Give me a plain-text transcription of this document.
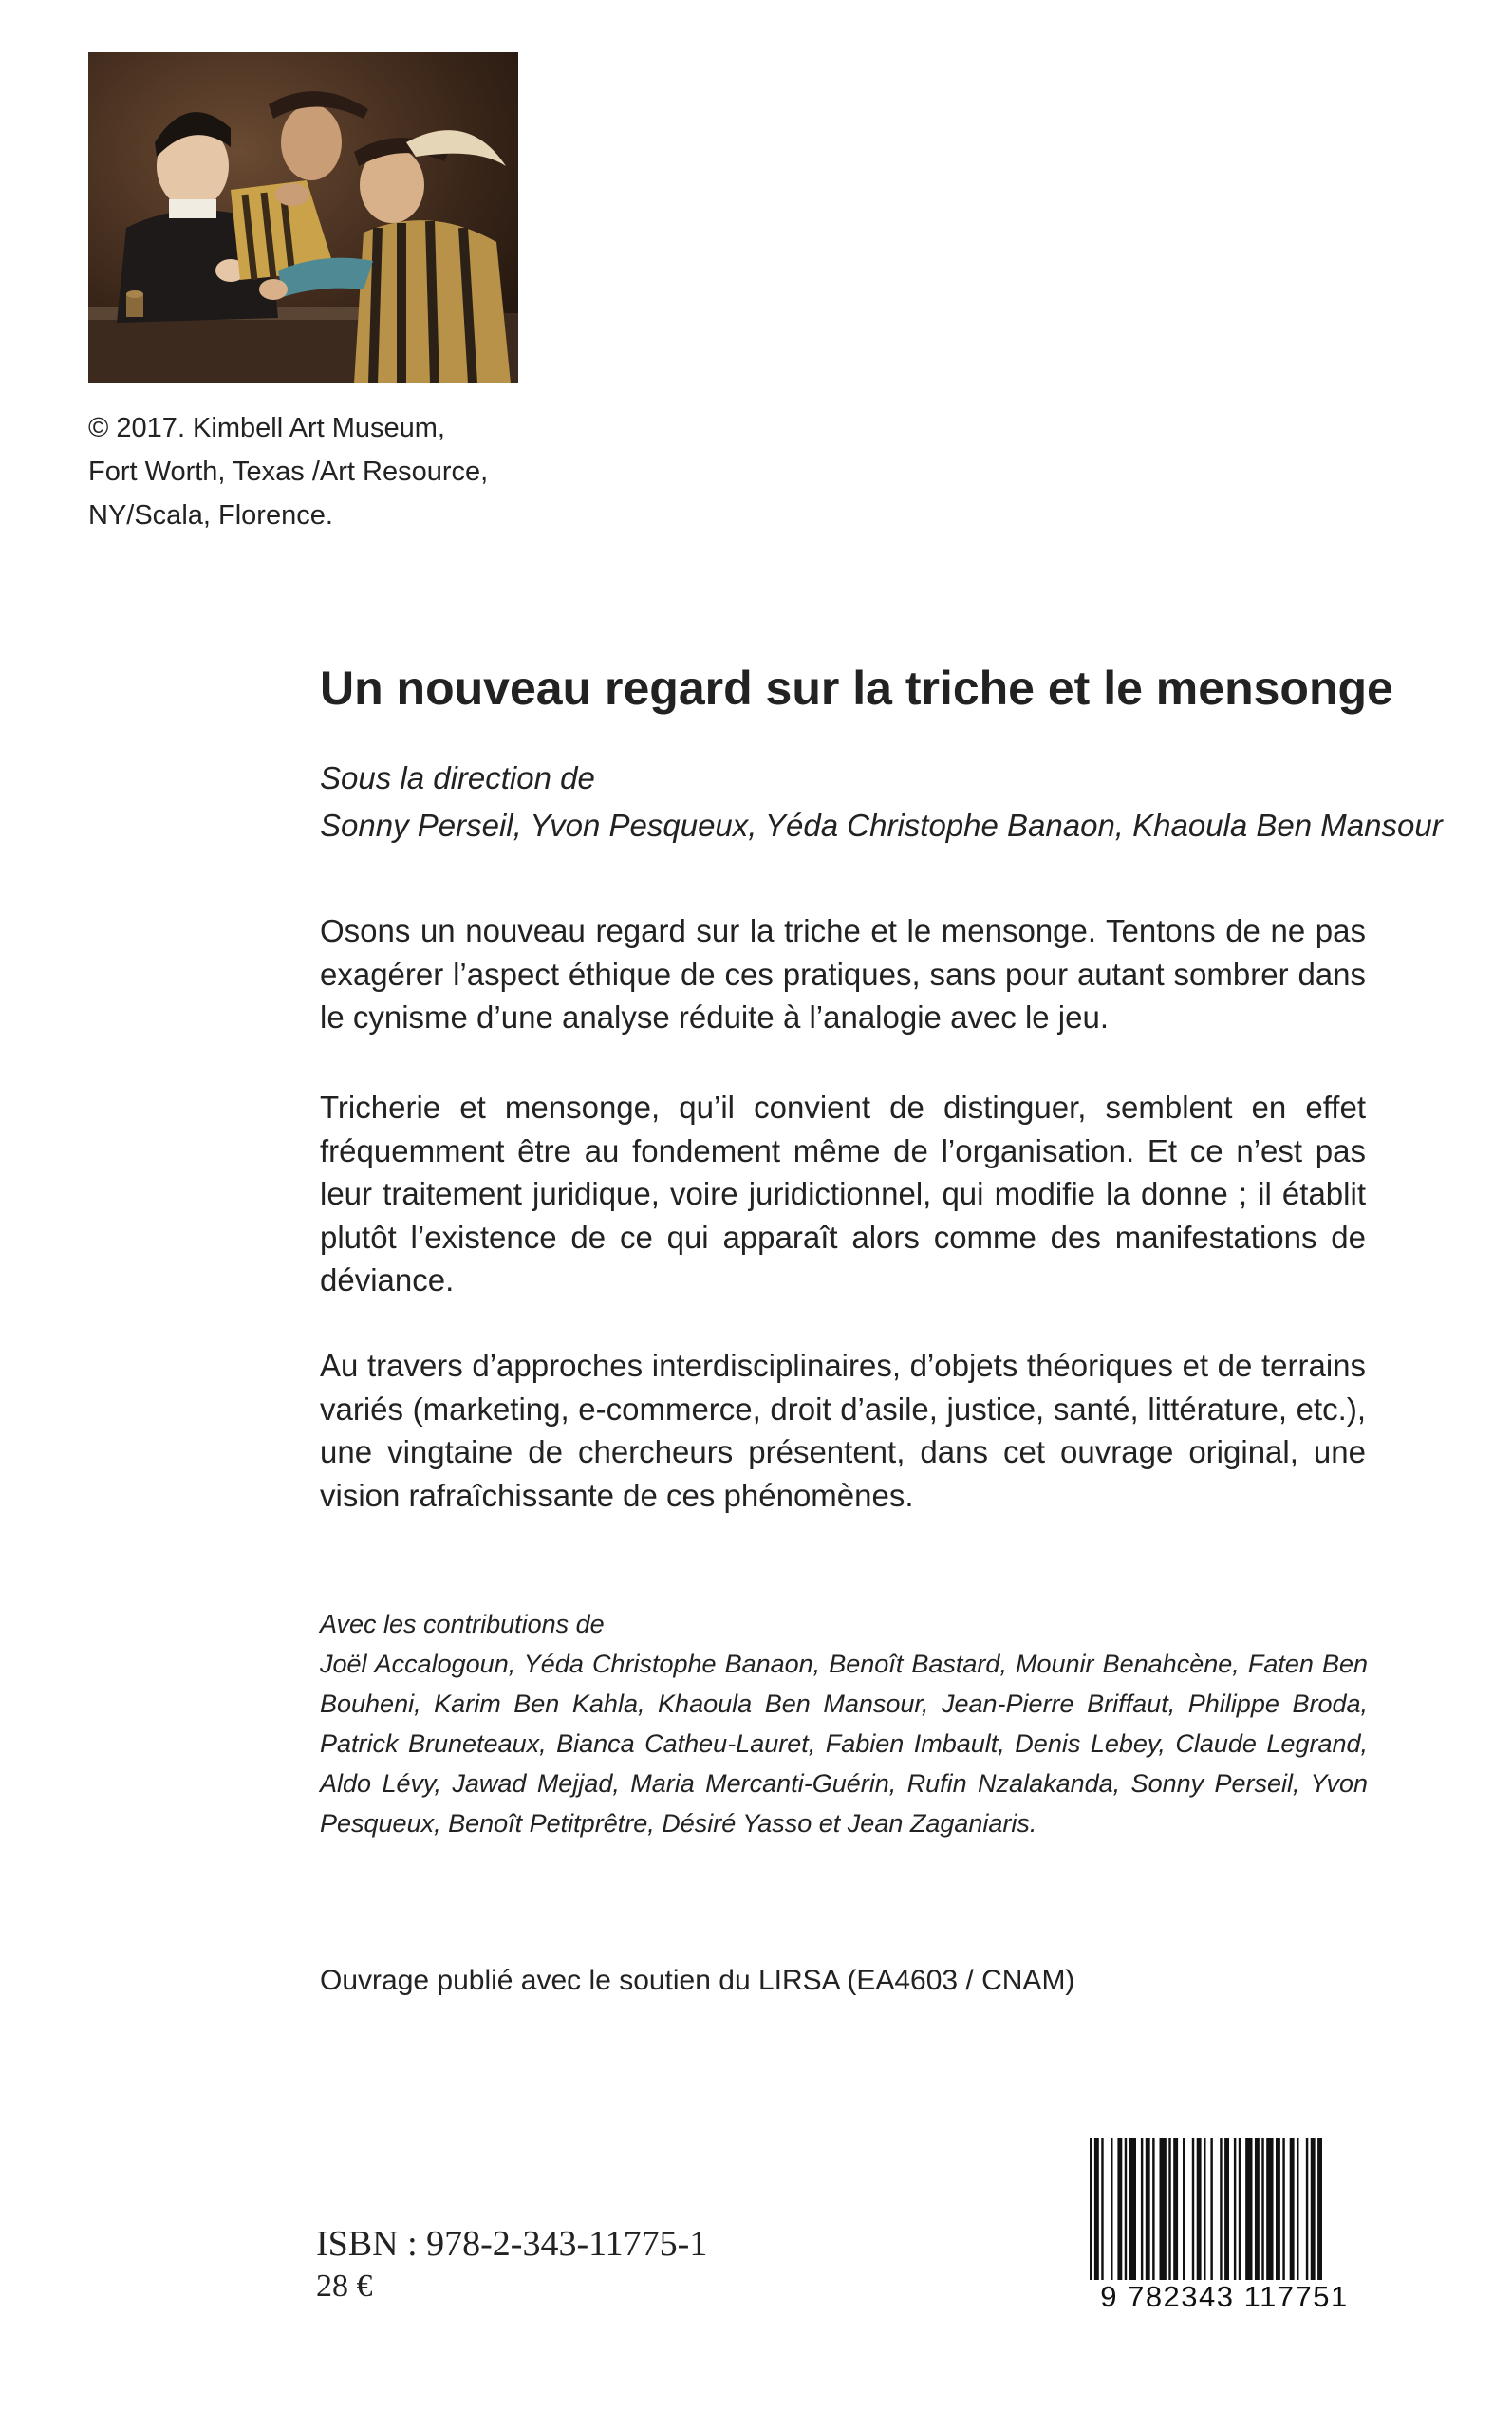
© 2017. Kimbell Art Museum,
Fort Worth, Texas /Art Resource,
NY/Scala, Florence.
Un nouveau regard sur la triche et le mensonge
Sous la direction de
Sonny Perseil, Yvon Pesqueux, Yéda Christophe Banaon, Khaoula Ben Mansour
Osons un nouveau regard sur la triche et le mensonge. Tentons de ne pas exagérer l’aspect éthique de ces pratiques, sans pour autant sombrer dans le cynisme d’une analyse réduite à l’analogie avec le jeu.
Tricherie et mensonge, qu’il convient de distinguer, semblent en effet fréquemment être au fondement même de l’organisation. Et ce n’est pas leur traitement juridique, voire juridictionnel, qui modifie la donne ; il établit plutôt l’existence de ce qui apparaît alors comme des manifestations de déviance.
Au travers d’approches interdisciplinaires, d’objets théoriques et de terrains variés (marketing, e-commerce, droit d’asile, justice, santé, littérature, etc.), une vingtaine de chercheurs présentent, dans cet ouvrage original, une vision rafraîchissante de ces phénomènes.
Avec les contributions de
Joël Accalogoun, Yéda Christophe Banaon, Benoît Bastard, Mounir Benahcène, Faten Ben Bouheni, Karim Ben Kahla, Khaoula Ben Mansour, Jean-Pierre Briffaut, Philippe Broda, Patrick Bruneteaux, Bianca Catheu-Lauret, Fabien Imbault, Denis Lebey, Claude Legrand, Aldo Lévy, Jawad Mejjad, Maria Mercanti-Guérin, Rufin Nzalakanda, Sonny Perseil, Yvon Pesqueux, Benoît Petitprêtre, Désiré Yasso et Jean Zaganiaris.
Ouvrage publié avec le soutien du LIRSA (EA4603 / CNAM)
ISBN : 978-2-343-11775-1
28 €	9 782343 117751
